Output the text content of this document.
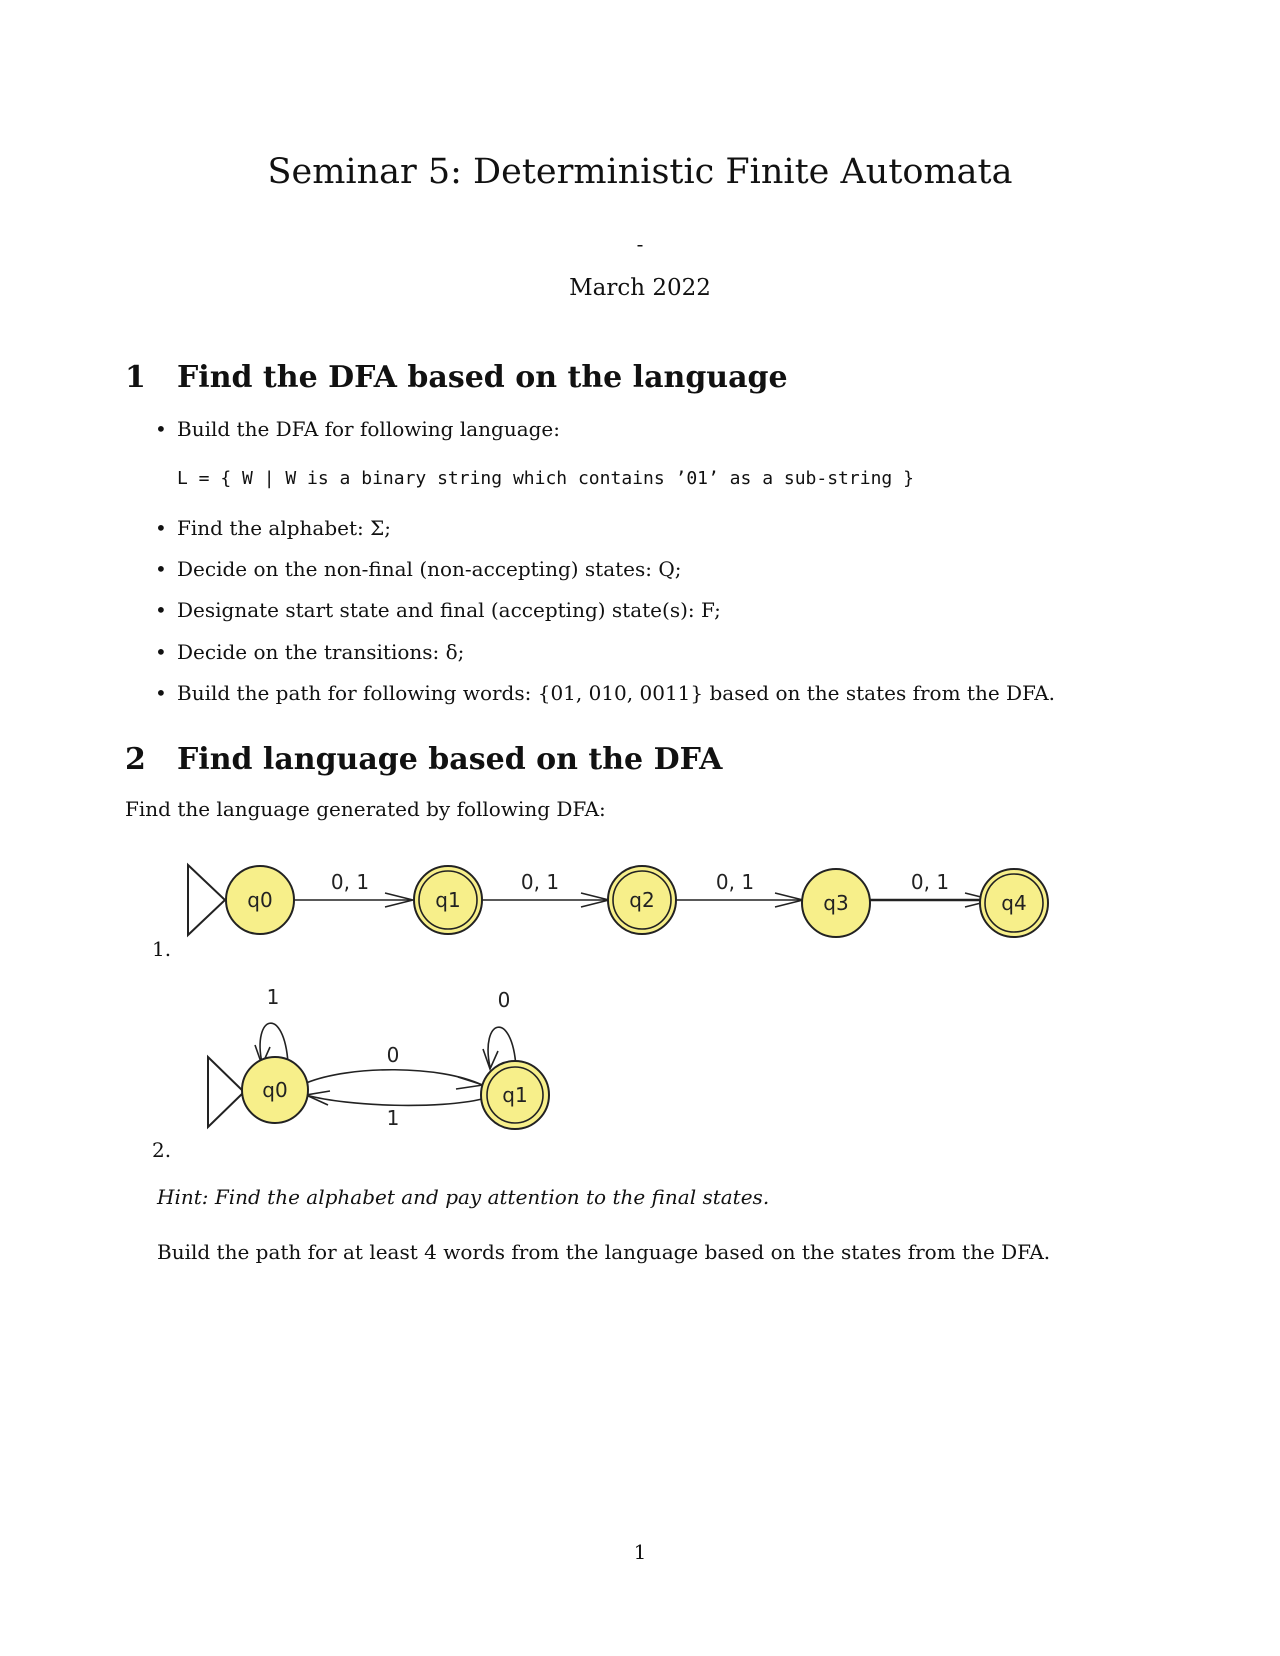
Seminar 5: Deterministic Finite Automata
-
March 2022
1 Find the DFA based on the language
• Build the DFA for following language:
L = { W | W is a binary string which contains ’01’ as a sub-string }
• Find the alphabet: Σ;
• Decide on the non-final (non-accepting) states: Q;
• Designate start state and final (accepting) state(s): F;
• Decide on the transitions: δ;
• Build the path for following words: {01, 010, 0011} based on the states from the DFA.
2 Find language based on the DFA
Find the language generated by following DFA:
0, 1	0, 1	0, 1	0, 1
q0	q1	q2	q3	q4
1.
1
0
1
0
q0	q1
2.
Hint: Find the alphabet and pay attention to the final states.
Build the path for at least 4 words from the language based on the states from the DFA.
1
